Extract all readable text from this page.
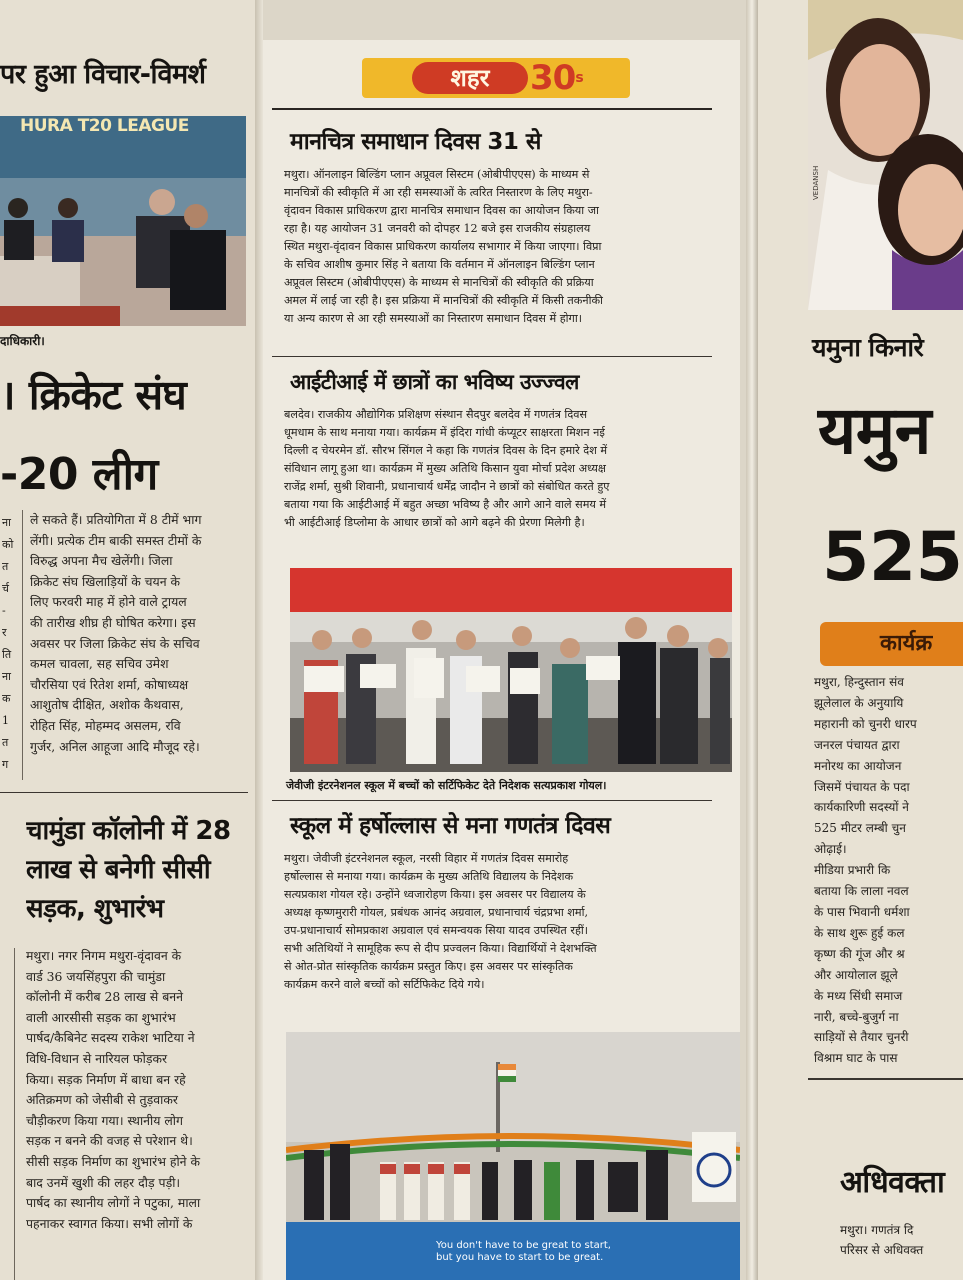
पर हुआ विचार-विमर्श
HURA T20 LEAGUE
दाधिकारी।
। क्रिकेट संघ
-20 लीग
ना
को
त
र्च
-
र
ति
ना
क
1
त
ग
ले सकते हैं। प्रतियोगिता में 8 टीमें भाग
लेंगी। प्रत्येक टीम बाकी समस्त टीमों के
विरुद्ध अपना मैच खेलेंगी। जिला
क्रिकेट संघ खिलाड़ियों के चयन के
लिए फरवरी माह में होने वाले ट्रायल
की तारीख शीघ्र ही घोषित करेगा। इस
अवसर पर जिला क्रिकेट संघ के सचिव
कमल चावला, सह सचिव उमेश
चौरसिया एवं रितेश शर्मा, कोषाध्यक्ष
आशुतोष दीक्षित, अशोक कैथवास,
रोहित सिंह, मोहम्मद असलम, रवि
गुर्जर, अनिल आहूजा आदि मौजूद रहे।
चामुंडा कॉलोनी में 28
लाख से बनेगी सीसी
सड़क, शुभारंभ
मथुरा। नगर निगम मथुरा-वृंदावन के
वार्ड 36 जयसिंहपुरा की चामुंडा
कॉलोनी में करीब 28 लाख से बनने
वाली आरसीसी सड़क का शुभारंभ
पार्षद/कैबिनेट सदस्य राकेश भाटिया ने
विधि-विधान से नारियल फोड़कर
किया। सड़क निर्माण में बाधा बन रहे
अतिक्रमण को जेसीबी से तुड़वाकर
चौड़ीकरण किया गया। स्थानीय लोग
सड़क न बनने की वजह से परेशान थे।
सीसी सड़क निर्माण का शुभारंभ होने के
बाद उनमें खुशी की लहर दौड़ पड़ी।
पार्षद का स्थानीय लोगों ने पटुका, माला
पहनाकर स्वागत किया। सभी लोगों के
शहर	30$^s$
मानचित्र समाधान दिवस 31 से
मथुरा। ऑनलाइन बिल्डिंग प्लान अप्रूवल सिस्टम (ओबीपीएएस) के माध्यम से
मानचित्रों की स्वीकृति में आ रही समस्याओं के त्वरित निस्तारण के लिए मथुरा-
वृंदावन विकास प्राधिकरण द्वारा मानचित्र समाधान दिवस का आयोजन किया जा
रहा है। यह आयोजन 31 जनवरी को दोपहर 12 बजे इस राजकीय संग्रहालय
स्थित मथुरा-वृंदावन विकास प्राधिकरण कार्यालय सभागार में किया जाएगा। विप्रा
के सचिव आशीष कुमार सिंह ने बताया कि वर्तमान में ऑनलाइन बिल्डिंग प्लान
अप्रूवल सिस्टम (ओबीपीएएस) के माध्यम से मानचित्रों की स्वीकृति की प्रक्रिया
अमल में लाई जा रही है। इस प्रक्रिया में मानचित्रों की स्वीकृति में किसी तकनीकी
या अन्य कारण से आ रही समस्याओं का निस्तारण समाधान दिवस में होगा।
आईटीआई में छात्रों का भविष्य उज्ज्वल
बलदेव। राजकीय औद्योगिक प्रशिक्षण संस्थान सैदपुर बलदेव में गणतंत्र दिवस
धूमधाम के साथ मनाया गया। कार्यक्रम में इंदिरा गांधी कंप्यूटर साक्षरता मिशन नई
दिल्ली द चेयरमेन डॉ. सौरभ सिंगल ने कहा कि गणतंत्र दिवस के दिन हमारे देश में
संविधान लागू हुआ था। कार्यक्रम में मुख्य अतिथि किसान युवा मोर्चा प्रदेश अध्यक्ष
राजेंद्र शर्मा, सुश्री शिवानी, प्रधानाचार्य धर्मेंद्र जादौन ने छात्रों को संबोधित करते हुए
बताया गया कि आईटीआई में बहुत अच्छा भविष्य है और आगे आने वाले समय में
भी आईटीआई डिप्लोमा के आधार छात्रों को आगे बढ़ने की प्रेरणा मिलेगी है।
जेवीजी इंटरनेशनल स्कूल में बच्चों को सर्टिफिकेट देते निदेशक सत्यप्रकाश गोयल।
स्कूल में हर्षोल्लास से मना गणतंत्र दिवस
मथुरा। जेवीजी इंटरनेशनल स्कूल, नरसी विहार में गणतंत्र दिवस समारोह
हर्षोल्लास से मनाया गया। कार्यक्रम के मुख्य अतिथि विद्यालय के निदेशक
सत्यप्रकाश गोयल रहे। उन्होंने ध्वजारोहण किया। इस अवसर पर विद्यालय के
अध्यक्ष कृष्णमुरारी गोयल, प्रबंधक आनंद अग्रवाल, प्रधानाचार्य चंद्रप्रभा शर्मा,
उप-प्रधानाचार्य सोमप्रकाश अग्रवाल एवं समन्वयक सिया यादव उपस्थित रहीं।
सभी अतिथियों ने सामूहिक रूप से दीप प्रज्वलन किया। विद्यार्थियों ने देशभक्ति
से ओत-प्रोत सांस्कृतिक कार्यक्रम प्रस्तुत किए। इस अवसर पर सांस्कृतिक
कार्यक्रम करने वाले बच्चों को सर्टिफिकेट दिये गये।
You don't have to be great to start,
but you have to start to be great.
VEDANSH
यमुना किनारे
यमुन
525
कार्यक्र
मथुरा, हिन्दुस्तान संव
झूलेलाल के अनुयायि
महारानी को चुनरी धारप
जनरल पंचायत द्वारा
मनोरथ का आयोजन
जिसमें पंचायत के पदा
कार्यकारिणी सदस्यों ने
525 मीटर लम्बी चुन
ओढ़ाई।
मीडिया प्रभारी कि
बताया कि लाला नवल
के पास भिवानी धर्मशा
के साथ शुरू हुई कल
कृष्ण की गूंज और श्र
और आयोलाल झूले
के मध्य सिंधी समाज
नारी, बच्चे-बुजुर्ग ना
साड़ियों से तैयार चुनरी
विश्राम घाट के पास
अधिवक्ता
मथुरा। गणतंत्र दि
परिसर से अधिवक्त
